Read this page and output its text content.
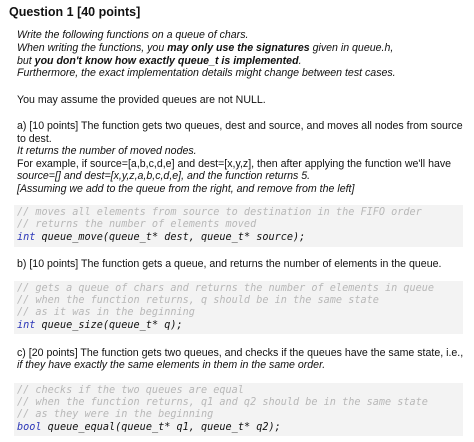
Question 1 [40 points]
Write the following functions on a queue of chars.
When writing the functions, you may only use the signatures given in queue.h,
but you don't know how exactly queue_t is implemented.
Furthermore, the exact implementation details might change between test cases.
You may assume the provided queues are not NULL.
a) [10 points] The function gets two queues, dest and source, and moves all nodes from source
to dest.
It returns the number of moved nodes.
For example, if source=[a,b,c,d,e] and dest=[x,y,z], then after applying the function we'll have
source=[] and dest=[x,y,z,a,b,c,d,e], and the function returns 5.
[Assuming we add to the queue from the right, and remove from the left]
// moves all elements from source to destination in the FIFO order
// returns the number of elements moved
int queue_move(queue_t* dest, queue_t* source);
b) [10 points] The function gets a queue, and returns the number of elements in the queue.
// gets a queue of chars and returns the number of elements in queue
// when the function returns, q should be in the same state
// as it was in the beginning
int queue_size(queue_t* q);
c) [20 points] The function gets two queues, and checks if the queues have the same state, i.e.,
if they have exactly the same elements in them in the same order.
// checks if the two queues are equal
// when the function returns, q1 and q2 should be in the same state
// as they were in the beginning
bool queue_equal(queue_t* q1, queue_t* q2);
